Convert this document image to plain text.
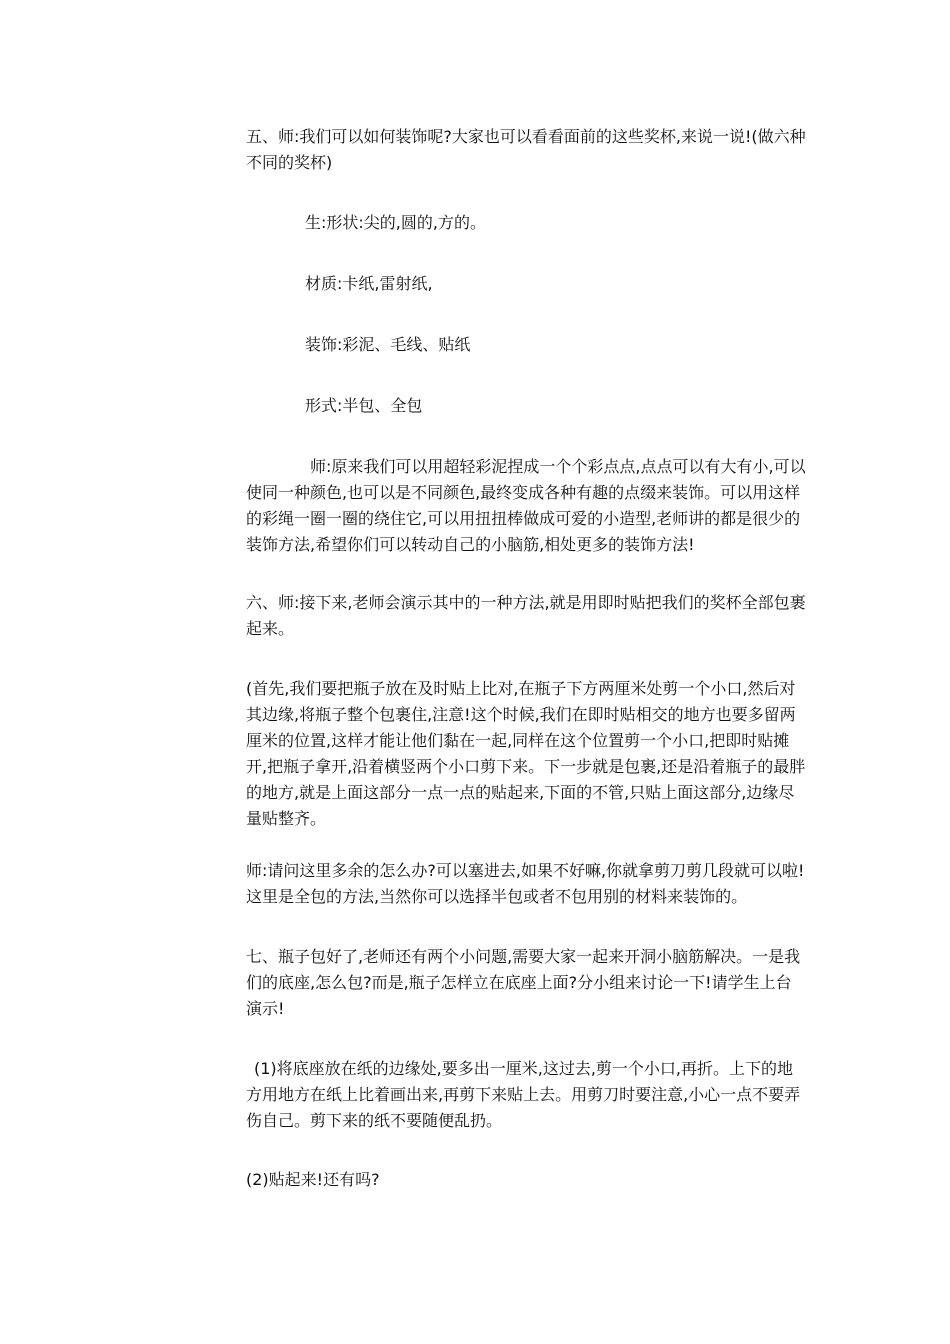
五、师:我们可以如何装饰呢?大家也可以看看面前的这些奖杯,来说一说!(做六种不同的奖杯)

生:形状:尖的,圆的,方的。

材质:卡纸,雷射纸,

装饰:彩泥、毛线、贴纸

形式:半包、全包

师:原来我们可以用超轻彩泥捏成一个个彩点点,点点可以有大有小,可以使同一种颜色,也可以是不同颜色,最终变成各种有趣的点缀来装饰。可以用这样的彩绳一圈一圈的绕住它,可以用扭扭棒做成可爱的小造型,老师讲的都是很少的装饰方法,希望你们可以转动自己的小脑筋,相处更多的装饰方法!

六、师:接下来,老师会演示其中的一种方法,就是用即时贴把我们的奖杯全部包裹起来。

(首先,我们要把瓶子放在及时贴上比对,在瓶子下方两厘米处剪一个小口,然后对其边缘,将瓶子整个包裹住,注意!这个时候,我们在即时贴相交的地方也要多留两厘米的位置,这样才能让他们黏在一起,同样在这个位置剪一个小口,把即时贴摊开,把瓶子拿开,沿着横竖两个小口剪下来。下一步就是包裹,还是沿着瓶子的最胖的地方,就是上面这部分一点一点的贴起来,下面的不管,只贴上面这部分,边缘尽量贴整齐。

师:请问这里多余的怎么办?可以塞进去,如果不好嘛,你就拿剪刀剪几段就可以啦!这里是全包的方法,当然你可以选择半包或者不包用别的材料来装饰的。

七、瓶子包好了,老师还有两个小问题,需要大家一起来开洞小脑筋解决。一是我们的底座,怎么包?而是,瓶子怎样立在底座上面?分小组来讨论一下!请学生上台演示!

(1)将底座放在纸的边缘处,要多出一厘米,这过去,剪一个小口,再折。上下的地方用地方在纸上比着画出来,再剪下来贴上去。用剪刀时要注意,小心一点不要弄伤自己。剪下来的纸不要随便乱扔。

(2)贴起来!还有吗?
